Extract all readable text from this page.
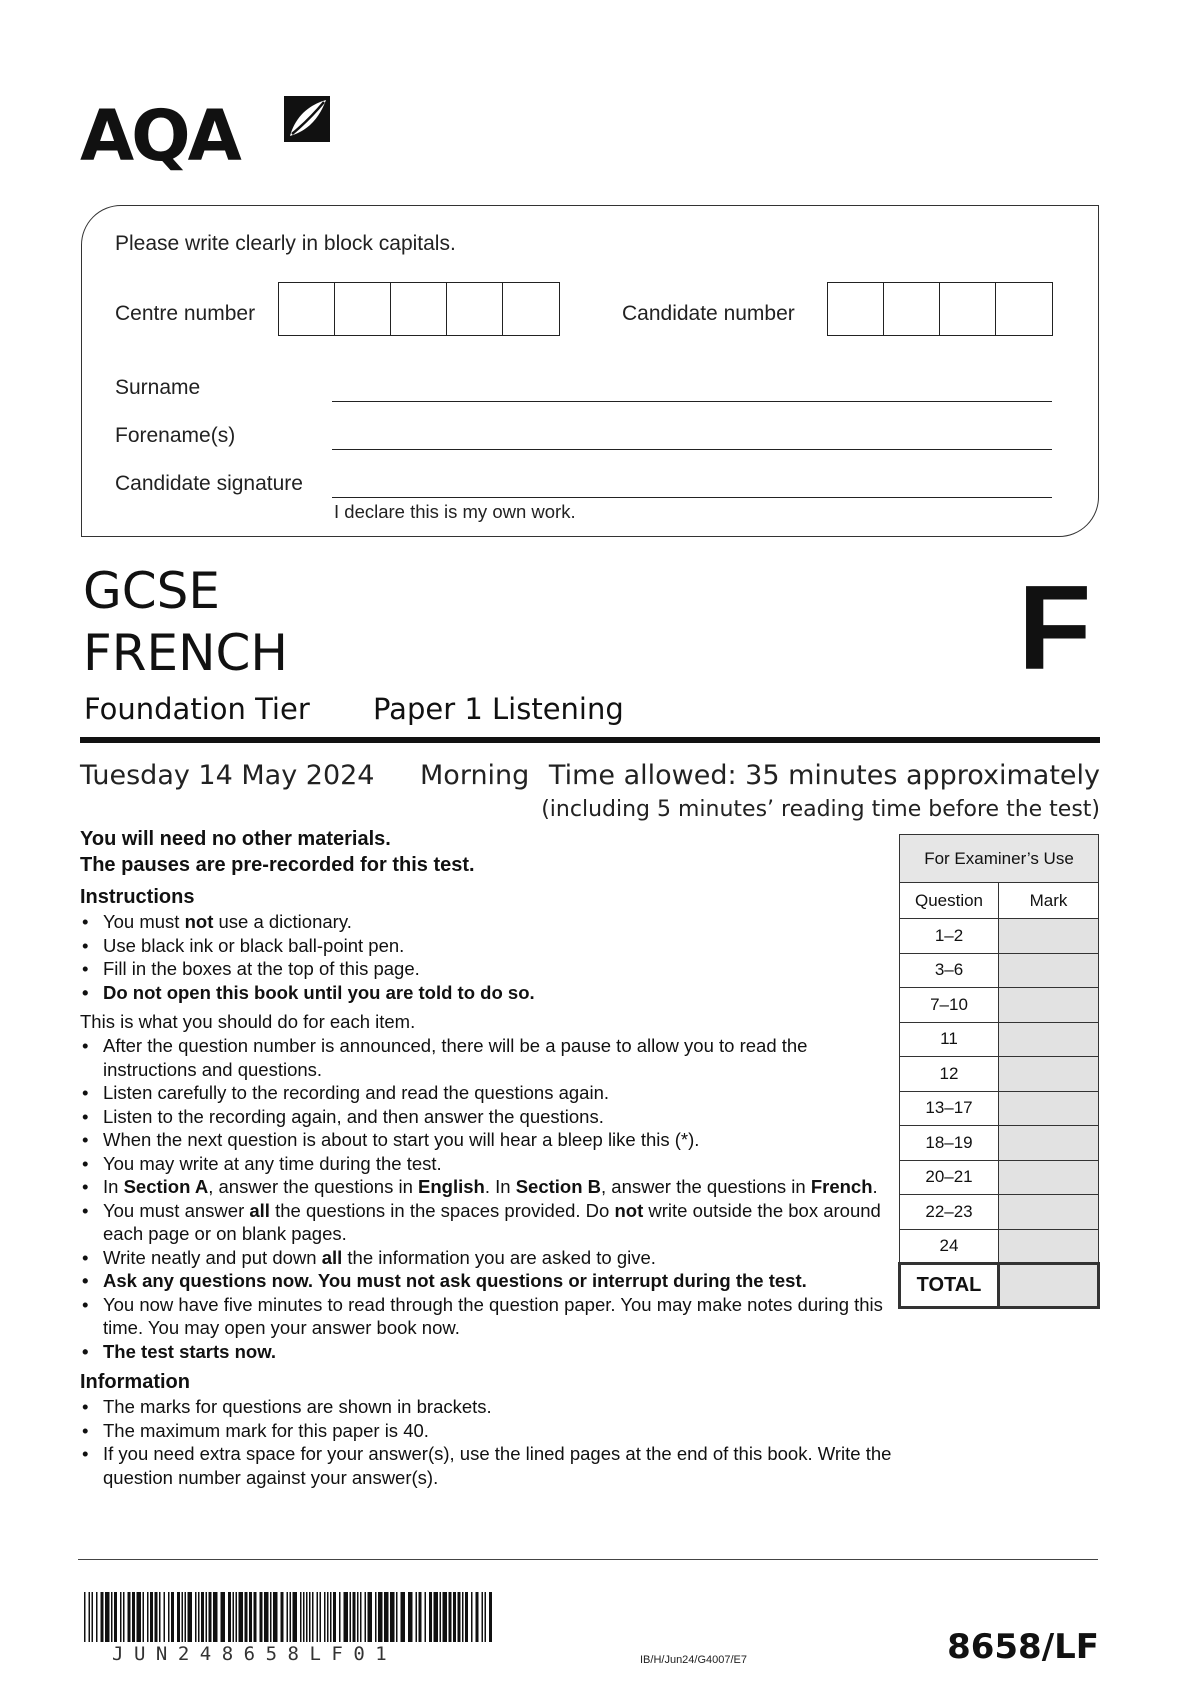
AQA
Please write clearly in block capitals.
Centre number	Candidate number
Surname
Forename(s)
Candidate signature
I declare this is my own work.
GCSE
FRENCH
Foundation Tier Paper 1 Listening
F
Tuesday 14 May 2024 Morning Time allowed: 35 minutes approximately
(including 5 minutes’ reading time before the test)
You will need no other materials.
The pauses are pre-recorded for this test.
Instructions
• You must not use a dictionary.
• Use black ink or black ball-point pen.
• Fill in the boxes at the top of this page.
• Do not open this book until you are told to do so.

This is what you should do for each item.

• After the question number is announced, there will be a pause to allow you to read the instructions and questions.
• Listen carefully to the recording and read the questions again.
• Listen to the recording again, and then answer the questions.
• When the next question is about to start you will hear a bleep like this (*).
• You may write at any time during the test.
• In Section A, answer the questions in English. In Section B, answer the questions in French.
• You must answer all the questions in the spaces provided. Do not write outside the box around each page or on blank pages.
• Write neatly and put down all the information you are asked to give.
• Ask any questions now. You must not ask questions or interrupt during the test.
• You now have five minutes to read through the question paper. You may make notes during this time. You may open your answer book now.
• The test starts now.
Information
• The marks for questions are shown in brackets.
• The maximum mark for this paper is 40.
• If you need extra space for your answer(s), use the lined pages at the end of this book. Write the question number against your answer(s).
For Examiner’s Use	
Question	Mark
1–2	
3–6	
7–10	
11	
12	
13–17	
18–19	
20–21	
22–23	
24	
TOTAL	
JUN248658LF01	IB/H/Jun24/G4007/E7	8658/LF
